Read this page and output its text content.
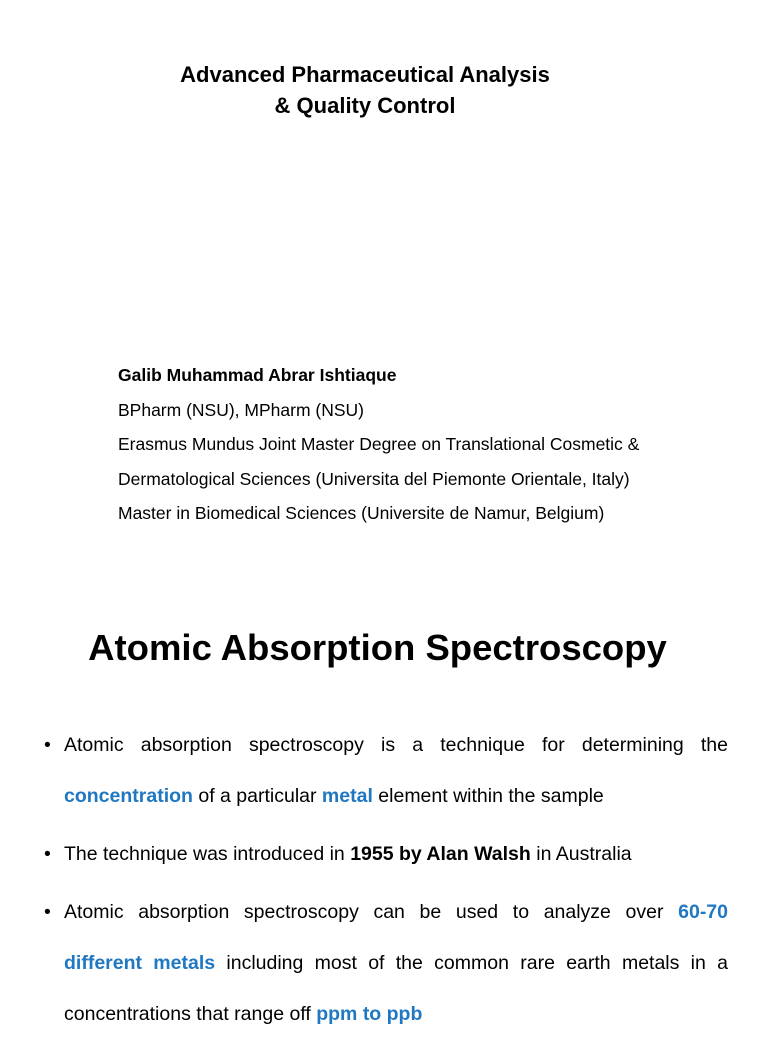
Advanced Pharmaceutical Analysis
& Quality Control
Galib Muhammad Abrar Ishtiaque
BPharm (NSU), MPharm (NSU)
Erasmus Mundus Joint Master Degree on Translational Cosmetic &
Dermatological Sciences (Universita del Piemonte Orientale, Italy)
Master in Biomedical Sciences (Universite de Namur, Belgium)
Atomic Absorption Spectroscopy
• Atomic absorption spectroscopy is a technique for determining the concentration of a particular metal element within the sample
• The technique was introduced in 1955 by Alan Walsh in Australia
• Atomic absorption spectroscopy can be used to analyze over 60-70 different metals including most of the common rare earth metals in a concentrations that range off ppm to ppb
